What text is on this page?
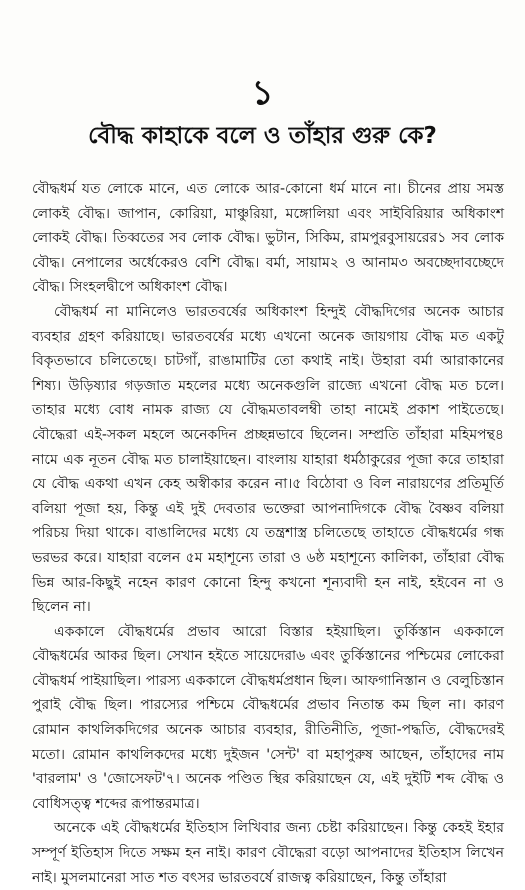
১
বৌদ্ধ কাহাকে বলে ও তাঁহার গুরু কে?

বৌদ্ধধর্ম যত লোকে মানে, এত লোকে আর-কোনো ধর্ম মানে না। চীনের প্রায় সমস্ত লোকই বৌদ্ধ। জাপান, কোরিয়া, মাঞ্চুরিয়া, মঙ্গোলিয়া এবং সাইবিরিয়ার অধিকাংশ লোকই বৌদ্ধ। তিব্বতের সব লোক বৌদ্ধ। ভুটান, সিকিম, রামপুরবুসায়রের১ সব লোক বৌদ্ধ। নেপালের অর্ধেকেরও বেশি বৌদ্ধ। বর্মা, সায়াম২ ও আনাম৩ অবচ্ছেদাবচ্ছেদে বৌদ্ধ। সিংহলদ্বীপে অধিকাংশ বৌদ্ধ।

বৌদ্ধধর্ম না মানিলেও ভারতবর্ষের অধিকাংশ হিন্দুই বৌদ্ধদিগের অনেক আচার ব্যবহার গ্রহণ করিয়াছে। ভারতবর্ষের মধ্যে এখনো অনেক জায়গায় বৌদ্ধ মত একটু বিকৃতভাবে চলিতেছে। চাটগাঁ, রাঙামাটির তো কথাই নাই। উহারা বর্মা আরাকানের শিষ্য। উড়িষ্যার গড়জাত মহলের মধ্যে অনেকগুলি রাজ্যে এখনো বৌদ্ধ মত চলে। তাহার মধ্যে বোধ নামক রাজ্য যে বৌদ্ধমতাবলম্বী তাহা নামেই প্রকাশ পাইতেছে। বৌদ্ধেরা এই-সকল মহলে অনেকদিন প্রচ্ছন্নভাবে ছিলেন। সম্প্রতি তাঁহারা মহিমপন্থ৪ নামে এক নূতন বৌদ্ধ মত চালাইয়াছেন। বাংলায় যাহারা ধর্মঠাকুরের পূজা করে তাহারা যে বৌদ্ধ একথা এখন কেহ অস্বীকার করেন না।৫ বিঠোবা ও বিল নারায়ণের প্রতিমূর্তি বলিয়া পূজা হয়, কিন্তু এই দুই দেবতার ভক্তেরা আপনাদিগকে বৌদ্ধ বৈষ্ণব বলিয়া পরিচয় দিয়া থাকে। বাঙালিদের মধ্যে যে তন্ত্রশাস্ত্র চলিতেছে তাহাতে বৌদ্ধধর্মের গন্ধ ভরভর করে। যাহারা বলেন ৫ম মহাশূন্যে তারা ও ৬ষ্ঠ মহাশূন্যে কালিকা, তাঁহারা বৌদ্ধ ভিন্ন আর-কিছুই নহেন কারণ কোনো হিন্দু কখনো শূন্যবাদী হন নাই, হইবেন না ও ছিলেন না।

এককালে বৌদ্ধধর্মের প্রভাব আরো বিস্তার হইয়াছিল। তুর্কিস্তান এককালে বৌদ্ধধর্মের আকর ছিল। সেখান হইতে সায়েদেরা৬ এবং তুর্কিস্তানের পশ্চিমের লোকেরা বৌদ্ধধর্ম পাইয়াছিল। পারস্য এককালে বৌদ্ধধর্মপ্রধান ছিল। আফগানিস্তান ও বেলুচিস্তান পুরাই বৌদ্ধ ছিল। পারস্যের পশ্চিমে বৌদ্ধধর্মের প্রভাব নিতান্ত কম ছিল না। কারণ রোমান কাথলিকদিগের অনেক আচার ব্যবহার, রীতিনীতি, পূজা-পদ্ধতি, বৌদ্ধদেরই মতো। রোমান কাথলিকদের মধ্যে দুইজন 'সেন্ট' বা মহাপুরুষ আছেন, তাঁহাদের নাম 'বারলাম' ও 'জোসেফট'৭। অনেক পণ্ডিত স্থির করিয়াছেন যে, এই দুইটি শব্দ বৌদ্ধ ও বোধিসত্ত্ব শব্দের রূপান্তরমাত্র।

অনেকে এই বৌদ্ধধর্মের ইতিহাস লিখিবার জন্য চেষ্টা করিয়াছেন। কিন্তু কেহই ইহার সম্পূর্ণ ইতিহাস দিতে সক্ষম হন নাই। কারণ বৌদ্ধেরা বড়ো আপনাদের ইতিহাস লিখেন নাই। মুসলমানেরা সাত শত বৎসর ভারতবর্ষে রাজত্ব করিয়াছেন, কিন্তু তাঁহারা
